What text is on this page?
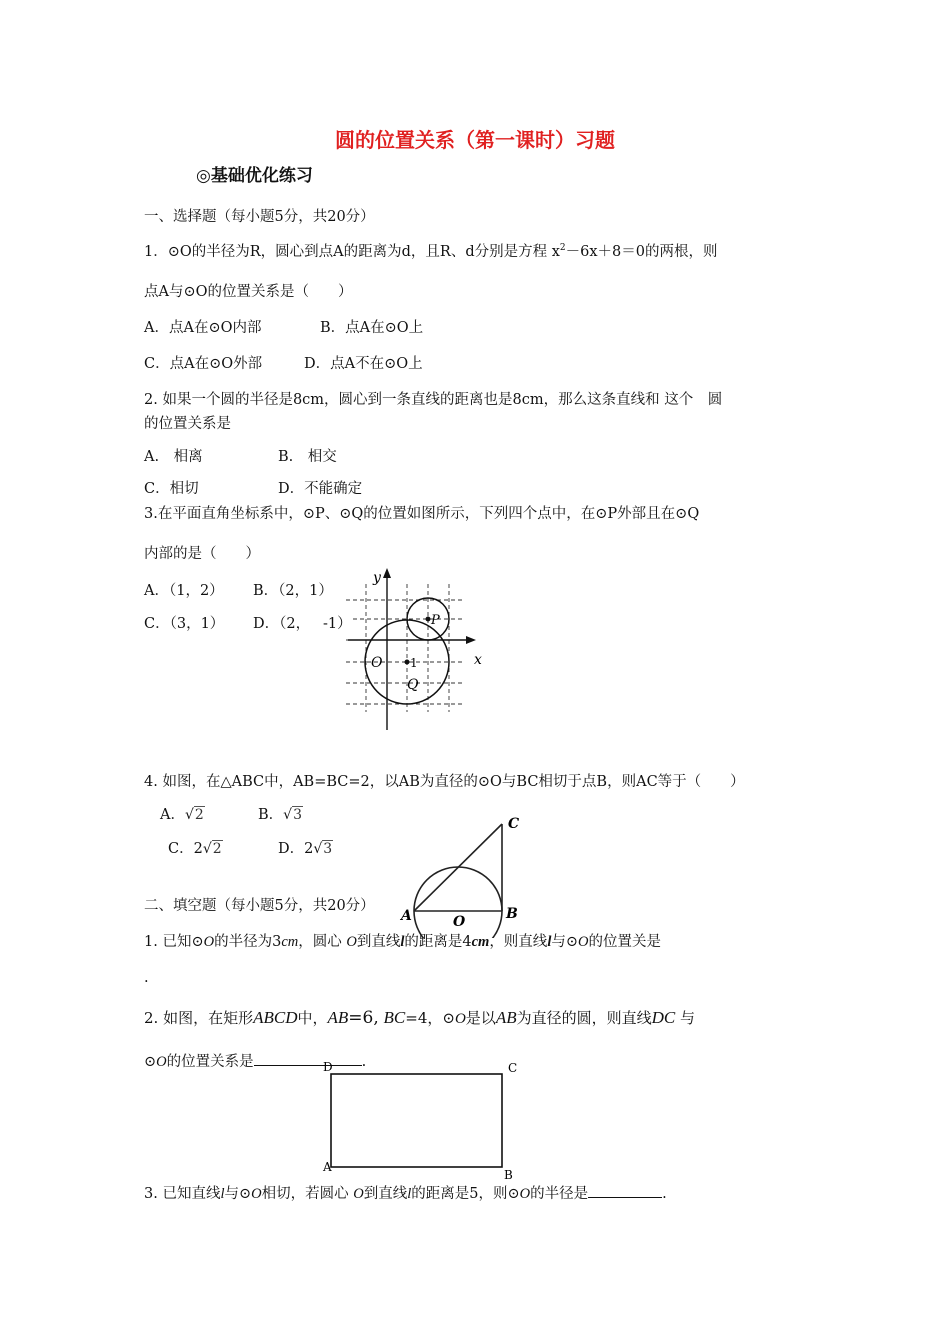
圆的位置关系（第一课时）习题
◎基础优化练习
一、选择题（每小题5分，共20分）
1．⊙O的半径为R，圆心到点A的距离为d，且R、d分别是方程 $x^2-6x+8=0$的两根，则
点A与⊙O的位置关系是（　　）
A．点A在⊙O内部	B．点A在⊙O上
C．点A在⊙O外部	D．点A不在⊙O上
2. 如果一个圆的半径是8cm，圆心到一条直线的距离也是8cm，那么这条直线和 这个　圆
的位置关系是
A.　相离	B.　相交
C．相切	D．不能确定
3.在平面直角坐标系中，⊙P、⊙Q的位置如图所示，下列四个点中，在⊙P外部且在⊙Q
内部的是（　　）
A．（1，2） B．（2，1）
C．（3，1） D．（2，
y
x
O
P
Q
1
-1）
4. 如图，在△ABC中，AB=BC=2，以AB为直径的⊙O与BC相切于点B，则AC等于（　　）
A．√2	B．√3
C．2√2	D．2√3
A	B
C
O
二、填空题（每小题5分，共20分）
1. 已知⊙O的半径为3cm，圆心 O到直线l的距离是4cm，则直线l与⊙O的位置关是
.
2. 如图，在矩形ABCD中，AB=6, BC=4，⊙O是以AB为直径的圆，则直线DC 与
⊙O的位置关系是	.
D	C
A
B
3. 已知直线l与⊙O相切，若圆心 O到直线l的距离是5，则⊙O的半径是	.
